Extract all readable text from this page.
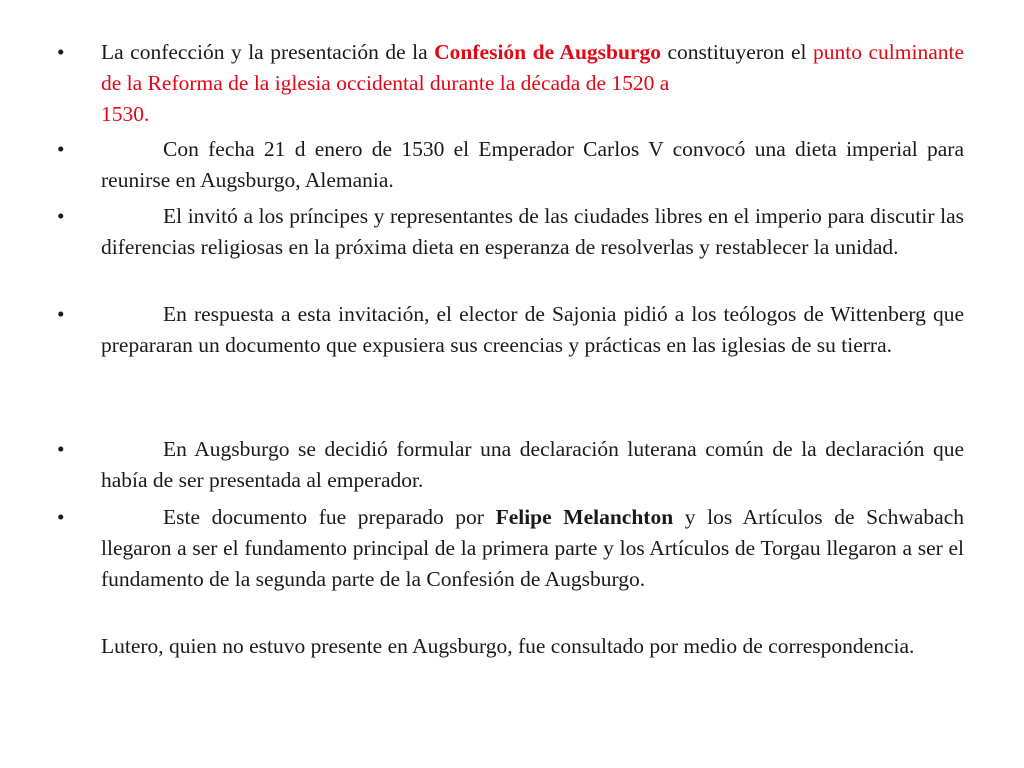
•	La confección y la presentación de la Confesión de Augsburgo constituyeron el punto culminante de la Reforma de la iglesia occidental durante la década de 1520 a
1530.
•	Con fecha 21 d enero de 1530 el Emperador Carlos V convocó una dieta imperial para reunirse en Augsburgo, Alemania.
•	El invitó a los príncipes y representantes de las ciudades libres en el imperio para discutir las diferencias religiosas en la próxima dieta en esperanza de resolverlas y restablecer la unidad.
•	En respuesta a esta invitación, el elector de Sajonia pidió a los teólogos de Wittenberg que prepararan un documento que expusiera sus creencias y prácticas en las iglesias de su tierra.
•	En Augsburgo se decidió formular una declaración luterana común de la declaración que había de ser presentada al emperador.
•	Este documento fue preparado por Felipe Melanchton y los Artículos de Schwabach llegaron a ser el fundamento principal de la primera parte y los Artículos de Torgau llegaron a ser el fundamento de la segunda parte de la Confesión de Augsburgo.
Lutero, quien no estuvo presente en Augsburgo, fue consultado por medio de correspondencia.
